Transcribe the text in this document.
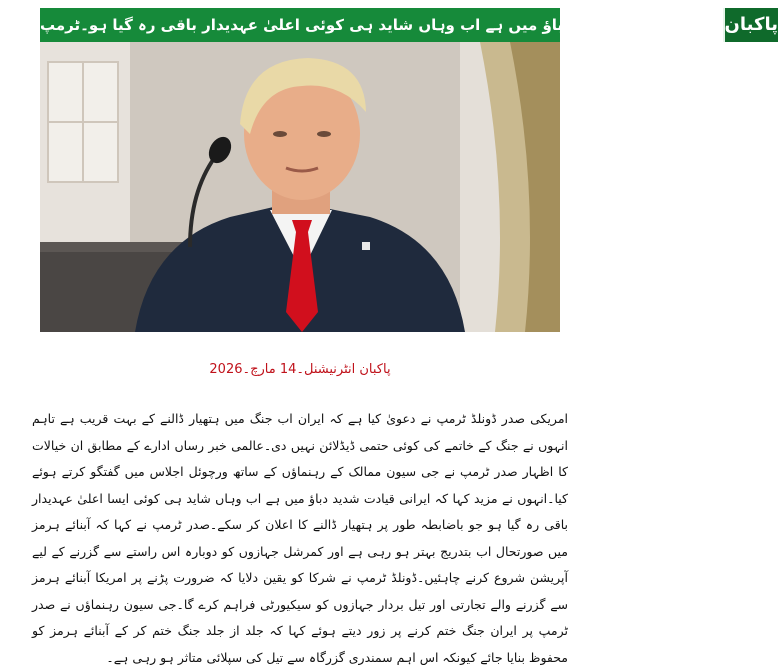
ایرانی قیادت شدید دباؤ میں ہے اب وہاں شاید ہی کوئی اعلیٰ عہدیدار باقی رہ گیا ہو۔ٹرمپ پاکبان
پاکبان انٹرنیشنل۔14 مارچ۔2026
امریکی صدر ڈونلڈ ٹرمپ نے دعویٰ کیا ہے کہ ایران اب جنگ میں ہتھیار ڈالنے کے بہت قریب ہے تاہم انہوں نے جنگ کے خاتمے کی کوئی حتمی ڈیڈلائن نہیں دی۔عالمی خبر رساں ادارے کے مطابق ان خیالات کا اظہار صدر ٹرمپ نے جی سیون ممالک کے رہنماؤں کے ساتھ ورچوئل اجلاس میں گفتگو کرتے ہوئے کیا۔انہوں نے مزید کہا کہ ایرانی قیادت شدید دباؤ میں ہے اب وہاں شاید ہی کوئی ایسا اعلیٰ عہدیدار باقی رہ گیا ہو جو باضابطہ طور پر ہتھیار ڈالنے کا اعلان کر سکے۔صدر ٹرمپ نے کہا کہ آبنائے ہرمز میں صورتحال اب بتدریج بہتر ہو رہی ہے اور کمرشل جہازوں کو دوبارہ اس راستے سے گزرنے کے لیے آپریشن شروع کرنے چاہئیں۔ڈونلڈ ٹرمپ نے شرکا کو یقین دلایا کہ ضرورت پڑنے پر امریکا آبنائے ہرمز سے گزرنے والے تجارتی اور تیل بردار جہازوں کو سیکیورٹی فراہم کرے گا۔جی سیون رہنماؤں نے صدر ٹرمپ پر ایران جنگ ختم کرنے پر زور دیتے ہوئے کہا کہ جلد از جلد جنگ ختم کر کے آبنائے ہرمز کو محفوظ بنایا جائے کیونکہ اس اہم سمندری گزرگاہ سے تیل کی سپلائی متاثر ہو رہی ہے۔
